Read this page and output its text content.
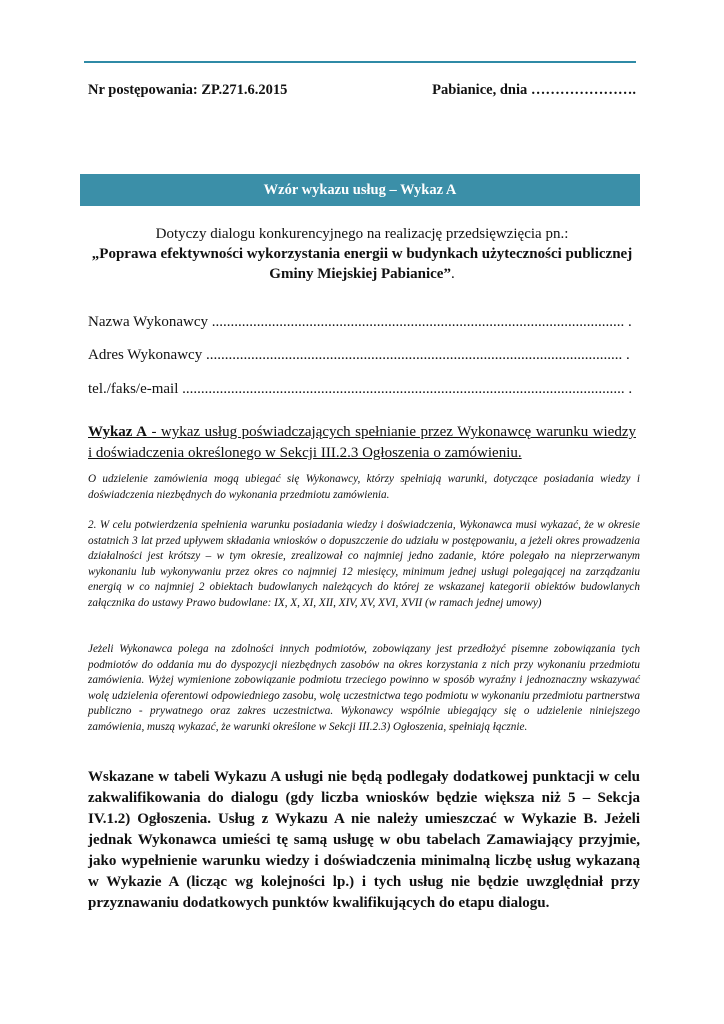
Nr postępowania: ZP.271.6.2015	Pabianice, dnia ………………….
Wzór wykazu usług – Wykaz A
Dotyczy dialogu konkurencyjnego na realizację przedsięwzięcia pn.:
„Poprawa efektywności wykorzystania energii w budynkach użyteczności publicznej Gminy Miejskiej Pabianice”.
Nazwa Wykonawcy .............................................................................................................. .
Adres Wykonawcy ............................................................................................................... .
tel./faks/e-mail ...................................................................................................................... .
Wykaz A - wykaz usług poświadczających spełnianie przez Wykonawcę warunku wiedzy i doświadczenia określonego w Sekcji III.2.3 Ogłoszenia o zamówieniu.
O udzielenie zamówienia mogą ubiegać się Wykonawcy, którzy spełniają warunki, dotyczące posiadania wiedzy i doświadczenia niezbędnych do wykonania przedmiotu zamówienia.
2. W celu potwierdzenia spełnienia warunku posiadania wiedzy i doświadczenia, Wykonawca musi wykazać, że w okresie ostatnich 3 lat przed upływem składania wniosków o dopuszczenie do udziału w postępowaniu, a jeżeli okres prowadzenia działalności jest krótszy – w tym okresie, zrealizował co najmniej jedno zadanie, które polegało na nieprzerwanym wykonaniu lub wykonywaniu przez okres co najmniej 12 miesięcy, minimum jednej usługi polegającej na zarządzaniu energią w co najmniej 2 obiektach budowlanych należących do której ze wskazanej kategorii obiektów budowlanych załącznika do ustawy Prawo budowlane: IX, X, XI, XII, XIV, XV, XVI, XVII (w ramach jednej umowy)
Jeżeli Wykonawca polega na zdolności innych podmiotów, zobowiązany jest przedłożyć pisemne zobowiązania tych podmiotów do oddania mu do dyspozycji niezbędnych zasobów na okres korzystania z nich przy wykonaniu przedmiotu zamówienia. Wyżej wymienione zobowiązanie podmiotu trzeciego powinno w sposób wyraźny i jednoznaczny wskazywać wolę udzielenia oferentowi odpowiedniego zasobu, wolę uczestnictwa tego podmiotu w wykonaniu przedmiotu partnerstwa publiczno - prywatnego oraz zakres uczestnictwa. Wykonawcy wspólnie ubiegający się o udzielenie niniejszego zamówienia, muszą wykazać, że warunki określone w Sekcji III.2.3) Ogłoszenia, spełniają łącznie.
Wskazane w tabeli Wykazu A usługi nie będą podlegały dodatkowej punktacji w celu zakwalifikowania do dialogu (gdy liczba wniosków będzie większa niż 5 – Sekcja IV.1.2) Ogłoszenia. Usług z Wykazu A nie należy umieszczać w Wykazie B. Jeżeli jednak Wykonawca umieści tę samą usługę w obu tabelach Zamawiający przyjmie, jako wypełnienie warunku wiedzy i doświadczenia minimalną liczbę usług wykazaną w Wykazie A (licząc wg kolejności lp.) i tych usług nie będzie uwzględniał przy przyznawaniu dodatkowych punktów kwalifikujących do etapu dialogu.
